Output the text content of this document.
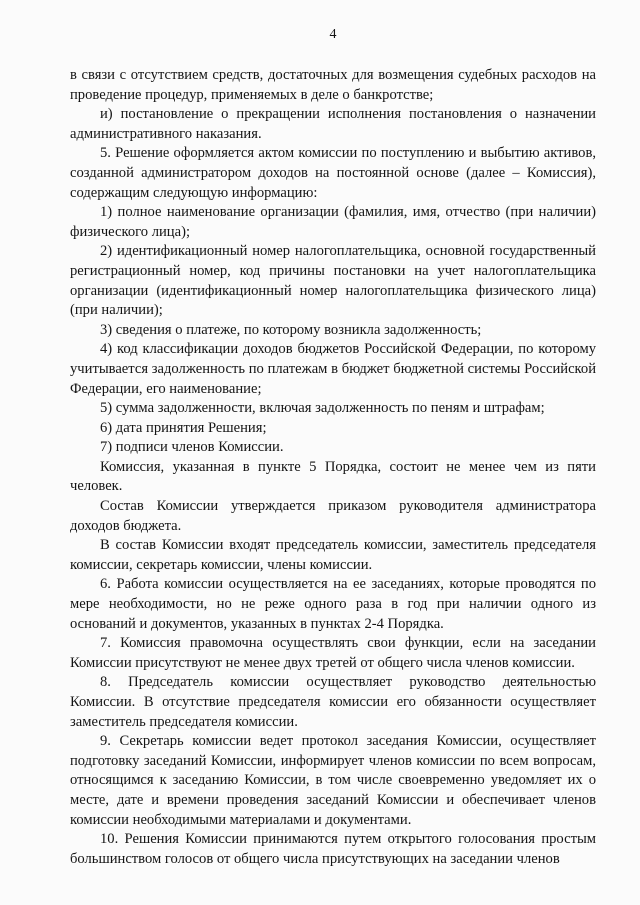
4

в связи с отсутствием средств, достаточных для возмещения судебных расходов на проведение процедур, применяемых в деле о банкротстве;

и) постановление о прекращении исполнения постановления о назначении административного наказания.

5. Решение оформляется актом комиссии по поступлению и выбытию активов, созданной администратором доходов на постоянной основе (далее – Комиссия), содержащим следующую информацию:

1) полное наименование организации (фамилия, имя, отчество (при наличии) физического лица);

2) идентификационный номер налогоплательщика, основной государственный регистрационный номер, код причины постановки на учет налогоплательщика организации (идентификационный номер налогоплательщика физического лица) (при наличии);

3) сведения о платеже, по которому возникла задолженность;

4) код классификации доходов бюджетов Российской Федерации, по которому учитывается задолженность по платежам в бюджет бюджетной системы Российской Федерации, его наименование;

5) сумма задолженности, включая задолженность по пеням и штрафам;

6) дата принятия Решения;

7) подписи членов Комиссии.

Комиссия, указанная в пункте 5 Порядка, состоит не менее чем из пяти человек.

Состав Комиссии утверждается приказом руководителя администратора доходов бюджета.

В состав Комиссии входят председатель комиссии, заместитель председателя комиссии, секретарь комиссии, члены комиссии.

6. Работа комиссии осуществляется на ее заседаниях, которые проводятся по мере необходимости, но не реже одного раза в год при наличии одного из оснований и документов, указанных в пунктах 2-4 Порядка.

7. Комиссия правомочна осуществлять свои функции, если на заседании Комиссии присутствуют не менее двух третей от общего числа членов комиссии.

8. Председатель комиссии осуществляет руководство деятельностью Комиссии. В отсутствие председателя комиссии его обязанности осуществляет заместитель председателя комиссии.

9. Секретарь комиссии ведет протокол заседания Комиссии, осуществляет подготовку заседаний Комиссии, информирует членов комиссии по всем вопросам, относящимся к заседанию Комиссии, в том числе своевременно уведомляет их о месте, дате и времени проведения заседаний Комиссии и обеспечивает членов комиссии необходимыми материалами и документами.

10. Решения Комиссии принимаются путем открытого голосования простым большинством голосов от общего числа присутствующих на заседании членов
